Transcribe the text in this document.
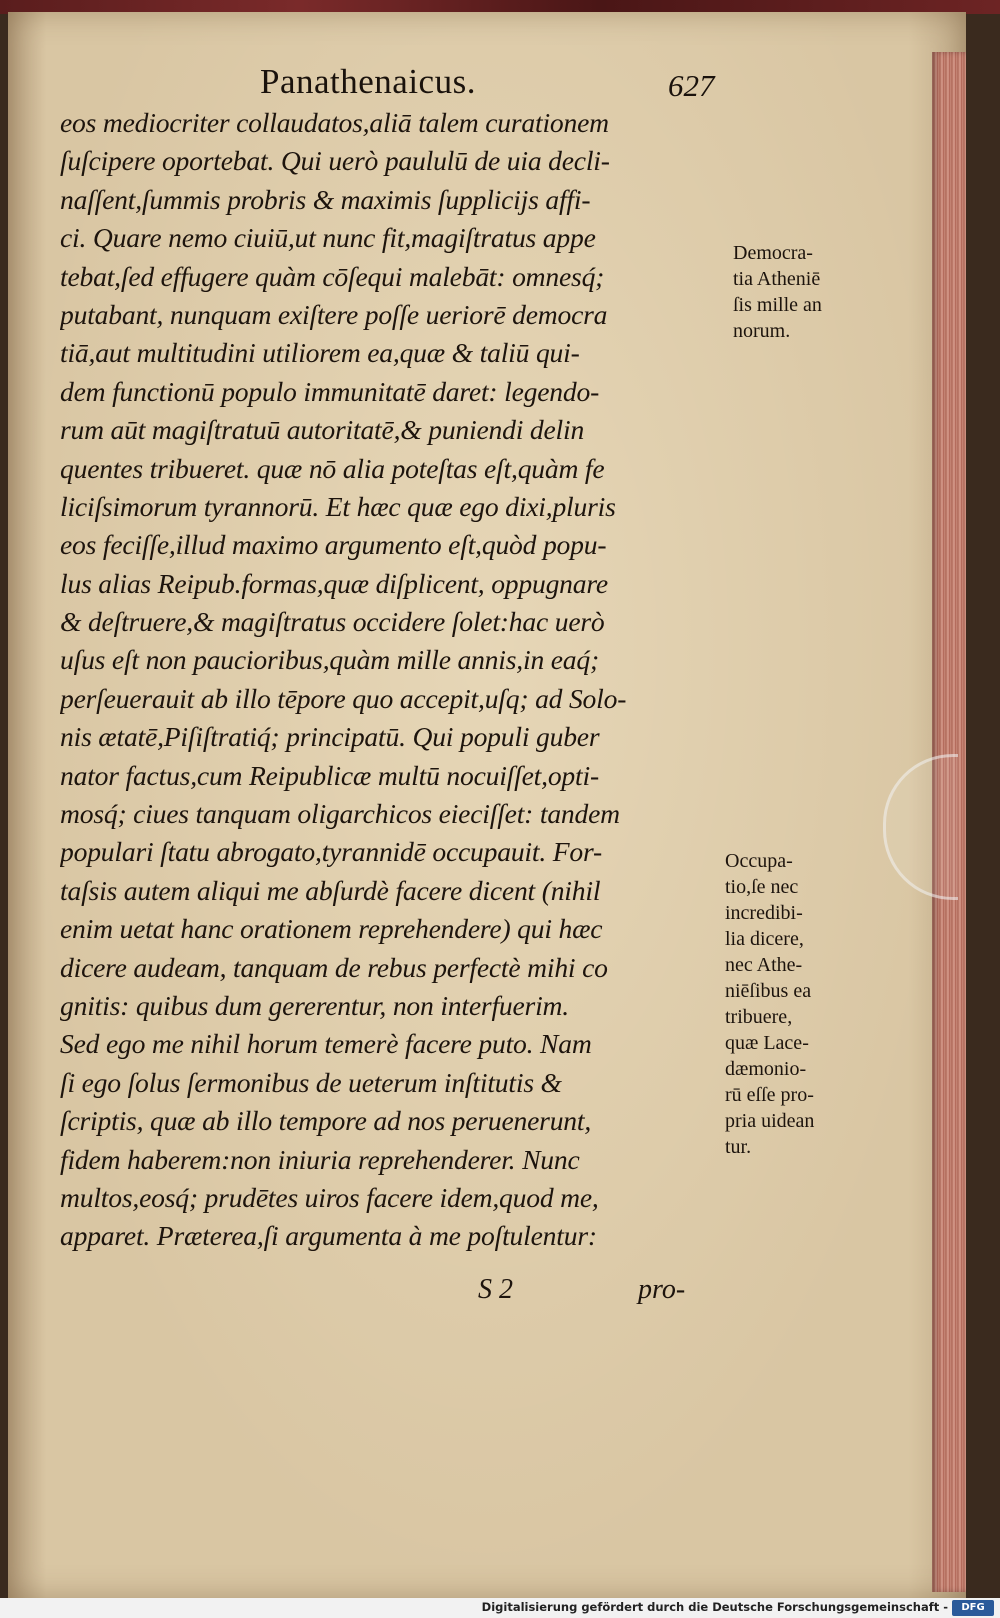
Panathenaicus.	627
eos mediocriter collaudatos,aliā talem curationem
ſuſcipere oportebat. Qui uerò paululū de uia decli-
naſſent,ſummis probris & maximis ſupplicijs affi-
ci. Quare nemo ciuiū,ut nunc fit,magiſtratus appe
tebat,ſed effugere quàm cōſequi malebāt: omnesq́;
putabant, nunquam exiſtere poſſe ueriorē democra
tiā,aut multitudini utiliorem ea,quæ & taliū qui-
dem functionū populo immunitatē daret: legendo-
rum aūt magiſtratuū autoritatē,& puniendi delin
quentes tribueret. quæ nō alia poteſtas eſt,quàm fe
liciſsimorum tyrannorū. Et hæc quæ ego dixi,pluris
eos feciſſe,illud maximo argumento eſt,quòd popu-
lus alias Reipub.formas,quæ diſplicent, oppugnare
& deſtruere,& magiſtratus occidere ſolet:hac uerò
uſus eſt non paucioribus,quàm mille annis,in eaq́;
perſeuerauit ab illo tēpore quo accepit,uſq; ad Solo-
nis ætatē,Piſiſtratiq́; principatū. Qui populi guber
nator factus,cum Reipublicæ multū nocuiſſet,opti-
mosq́; ciues tanquam oligarchicos eieciſſet: tandem
populari ſtatu abrogato,tyrannidē occupauit. For-
taſsis autem aliqui me abſurdè facere dicent (nihil
enim uetat hanc orationem reprehendere) qui hæc
dicere audeam, tanquam de rebus perfectè mihi co
gnitis: quibus dum gererentur, non interfuerim.
Sed ego me nihil horum temerè facere puto. Nam
ſi ego ſolus ſermonibus de ueterum inſtitutis &
ſcriptis, quæ ab illo tempore ad nos peruenerunt,
fidem haberem:non iniuria reprehenderer. Nunc
multos,eosq́; prudētes uiros facere idem,quod me,
apparet. Præterea,ſi argumenta à me poſtulentur:
Democra-
tia Atheniē
ſis mille an
norum.
Occupa-
tio,ſe nec
incredibi-
lia dicere,
nec Athe-
niēſibus ea
tribuere,
quæ Lace-
dæmonio-
rū eſſe pro-
pria uidean
tur.
S 2	pro-
Digitalisierung gefördert durch die Deutsche Forschungsgemeinschaft -	DFG
